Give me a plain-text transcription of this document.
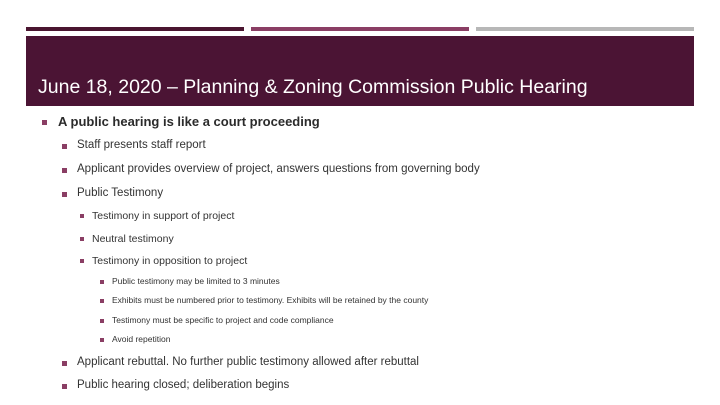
June 18, 2020 – Planning & Zoning Commission Public Hearing
A public hearing is like a court proceeding
Staff presents staff report
Applicant provides overview of project, answers questions from governing body
Public Testimony
Testimony in support of project
Neutral testimony
Testimony in opposition to project
Public testimony may be limited to 3 minutes
Exhibits must be numbered prior to testimony. Exhibits will be retained by the county
Testimony must be specific to project and code compliance
Avoid repetition
Applicant rebuttal. No further public testimony allowed after rebuttal
Public hearing closed; deliberation begins
